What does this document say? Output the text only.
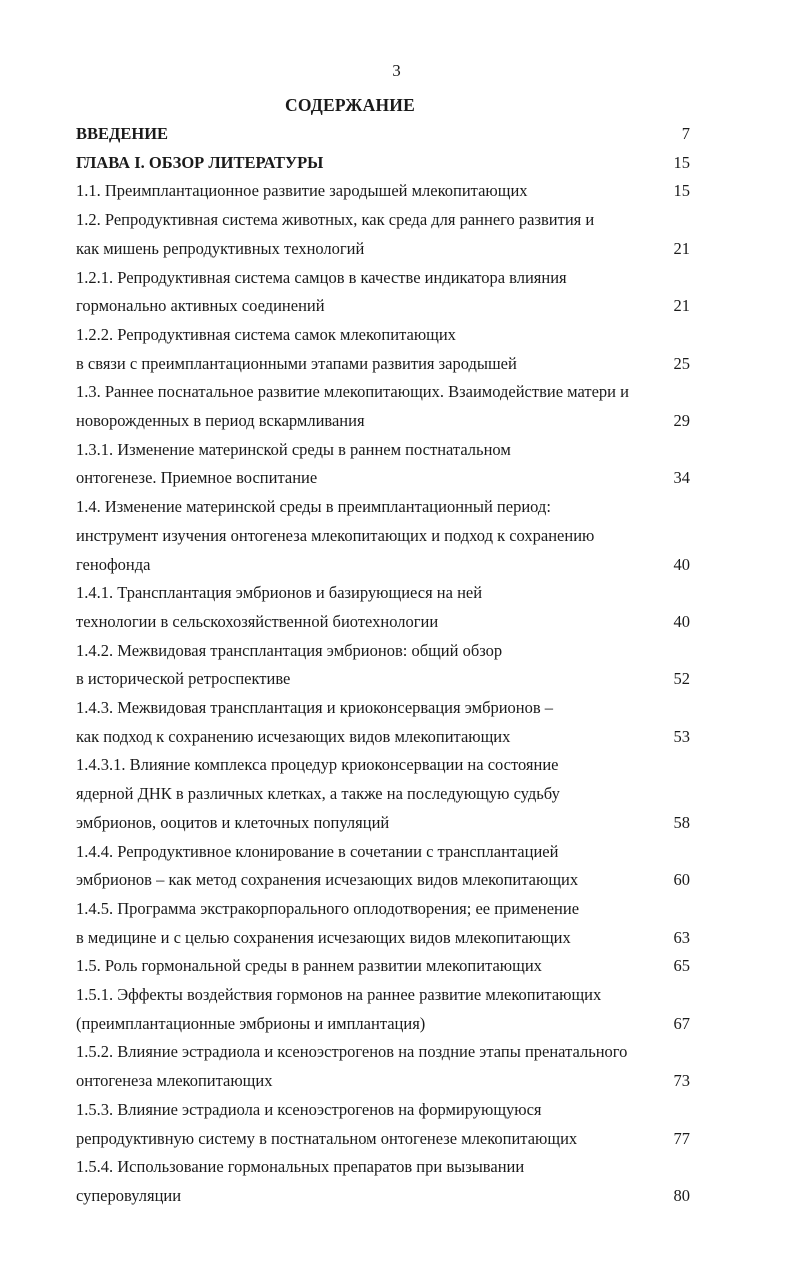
3
СОДЕРЖАНИЕ
ВВЕДЕНИЕ	7
ГЛАВА I. ОБЗОР ЛИТЕРАТУРЫ	15
1.1. Преимплантационное развитие зародышей млекопитающих	15
1.2. Репродуктивная система животных, как среда для раннего развития и
как мишень репродуктивных технологий	21
1.2.1. Репродуктивная система самцов в качестве индикатора влияния
гормонально активных соединений	21
1.2.2. Репродуктивная система самок млекопитающих
в связи с преимплантационными этапами развития зародышей	25
1.3. Раннее поснатальное развитие млекопитающих. Взаимодействие матери и
новорожденных в период вскармливания	29
1.3.1. Изменение материнской среды в раннем постнатальном
онтогенезе. Приемное воспитание	34
1.4. Изменение материнской среды в преимплантационный период:
инструмент изучения онтогенеза млекопитающих и подход к сохранению
генофонда	40
1.4.1. Трансплантация эмбрионов и базирующиеся на ней
технологии в сельскохозяйственной биотехнологии	40
1.4.2. Межвидовая трансплантация эмбрионов: общий обзор
в исторической ретроспективе	52
1.4.3. Межвидовая трансплантация и криоконсервация эмбрионов –
как подход к сохранению исчезающих видов млекопитающих	53
1.4.3.1. Влияние комплекса процедур криоконсервации на состояние
ядерной ДНК в различных клетках, а также на последующую судьбу
эмбрионов, ооцитов и клеточных популяций	58
1.4.4. Репродуктивное клонирование в сочетании с трансплантацией
эмбрионов – как метод сохранения исчезающих видов млекопитающих	60
1.4.5. Программа экстракорпорального оплодотворения; ее применение
в медицине и с целью сохранения исчезающих видов млекопитающих	63
1.5. Роль гормональной среды в раннем развитии млекопитающих	65
1.5.1. Эффекты воздействия гормонов на раннее развитие млекопитающих
(преимплантационные эмбрионы и имплантация)	67
1.5.2. Влияние эстрадиола и ксеноэстрогенов на поздние этапы пренатального
онтогенеза млекопитающих	73
1.5.3. Влияние эстрадиола и ксеноэстрогенов на формирующуюся
репродуктивную систему в постнатальном онтогенезе млекопитающих	77
1.5.4. Использование гормональных препаратов при вызывании
суперовуляции	80
